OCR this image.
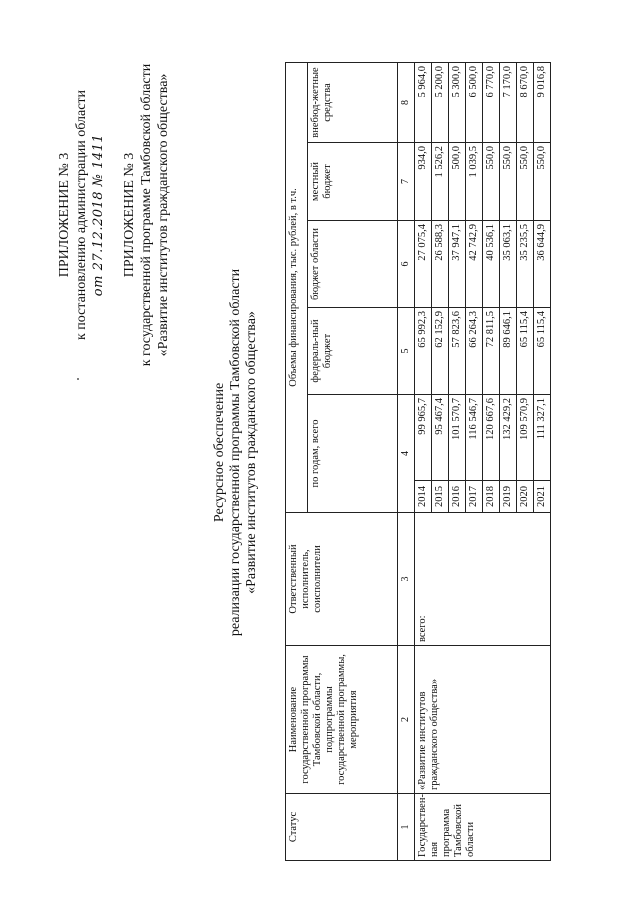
ПРИЛОЖЕНИЕ № 3 к постановлению администрации области от 27.12.2018 № 1411 ПРИЛОЖЕНИЕ № 3 к государственной программе Тамбовской области «Развитие институтов гражданского общества»
Ресурсное обеспечение реализации государственной программы Тамбовской области «Развитие институтов гражданского общества»
Статус	Наименование государственной программы Тамбовской области, подпрограммы государственной программы, мероприятия	Ответственный исполнитель, соисполнители	Объемы финансирования, тыс. рублей, в т.ч.					
			по годам, всего		федераль-ный бюджет	бюджет области	местный бюджет	внебюд-жетные средства
1	2	3	4		5	6	7	8
Государствен-ная программа Тамбовской области	«Развитие институтов гражданского общества»	всего:	2014	99 965,7	65 992,3	27 075,4	934,0	5 964,0
			2015	95 467,4	62 152,9	26 588,3	1 526,2	5 200,0
			2016	101 570,7	57 823,6	37 947,1	500,0	5 300,0
			2017	116 546,7	66 264,3	42 742,9	1 039,5	6 500,0
			2018	120 667,6	72 811,5	40 536,1	550,0	6 770,0
			2019	132 429,2	89 646,1	35 063,1	550,0	7 170,0
			2020	109 570,9	65 115,4	35 235,5	550,0	8 670,0
			2021	111 327,1	65 115,4	36 644,9	550,0	9 016,8
